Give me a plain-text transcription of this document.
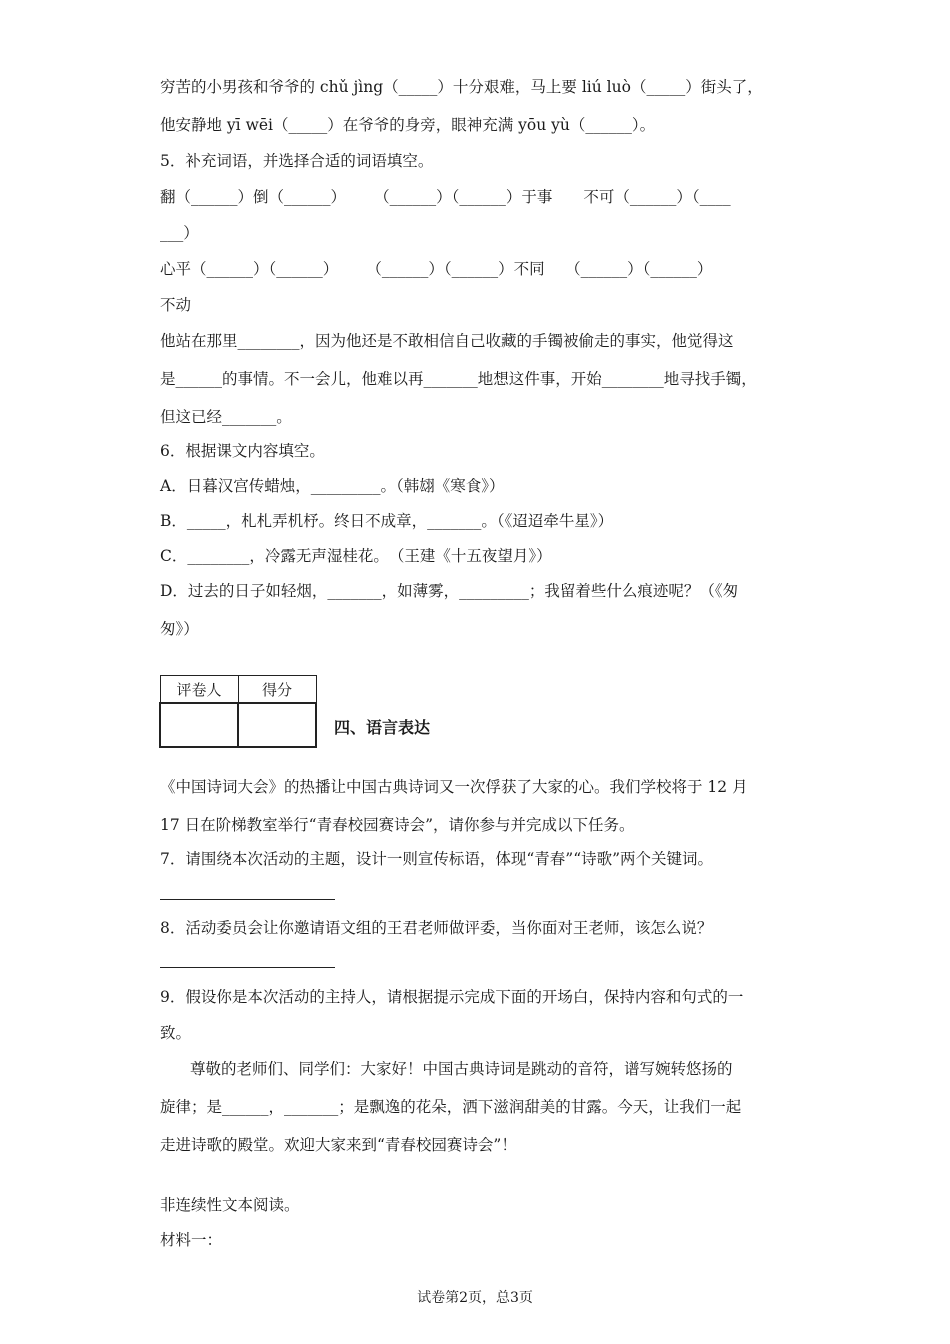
穷苦的小男孩和爷爷的 chǔ jìng（_____）十分艰难，马上要 liú luò（_____）街头了，
他安静地 yī wēi（_____）在爷爷的身旁，眼神充满 yōu yù（______）。
5．补充词语，并选择合适的词语填空。
翻（______）倒（______）　　 （______）（______）于事　　不可（______）（____
___）
心平（______）（______）　　 （______）（______）不同　 （______）（______）
不动
他站在那里________，因为他还是不敢相信自己收藏的手镯被偷走的事实，他觉得这
是______的事情。不一会儿，他难以再_______地想这件事，开始________地寻找手镯，
但这已经_______。
6．根据课文内容填空。
A．日暮汉宫传蜡烛，_________。（韩翃《寒食》）
B．_____，札札弄机杼。终日不成章，_______。（《迢迢牵牛星》）
C．________，冷露无声湿桂花。　（王建《十五夜望月》）
D．过去的日子如轻烟，_______，如薄雾，_________；我留着些什么痕迹呢？（《匆
匆》）
评卷人	得分

四、语言表达
《中国诗词大会》的热播让中国古典诗词又一次俘获了大家的心。我们学校将于 12 月
17 日在阶梯教室举行“青春校园赛诗会”，请你参与并完成以下任务。
7．请围绕本次活动的主题，设计一则宣传标语，体现“青春”“诗歌”两个关键词。
8．活动委员会让你邀请语文组的王君老师做评委，当你面对王老师，该怎么说？
9．假设你是本次活动的主持人，请根据提示完成下面的开场白，保持内容和句式的一
致。
尊敬的老师们、同学们：大家好！中国古典诗词是跳动的音符，谱写婉转悠扬的
旋律；是______，_______；是飘逸的花朵，洒下滋润甜美的甘露。今天，让我们一起
走进诗歌的殿堂。欢迎大家来到“青春校园赛诗会”！
非连续性文本阅读。
材料一：
试卷第2页，总3页
